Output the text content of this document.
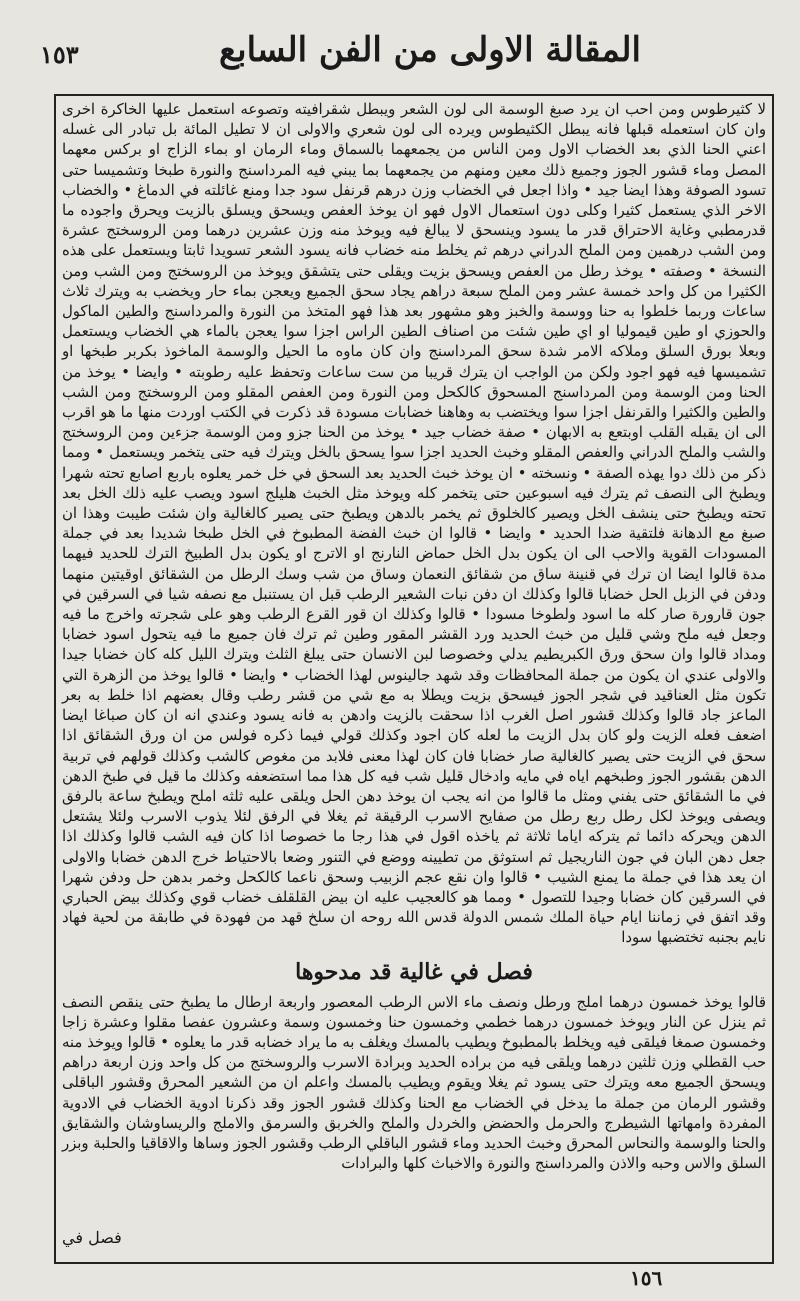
١٥٣	المقالة الاولى من الفن السابع

لا كثيرطوس ومن احب ان يرد صبغ الوسمة الى لون الشعر ويبطل شقرافيته وتصوعه استعمل عليها الخاكرة اخرى وان كان استعمله قبلها فانه يبطل الكثيطوس ويرده الى لون شعري والاولى ان لا تطيل المائة بل تبادر الى غسله اعني الحنا الذي بعد الخضاب الاول ومن الناس من يجمعهما بالسماق وماء الرمان او بماء الزاج او بركس معهما المصل وماء قشور الجوز وجميع ذلك معين ومنهم من يجمعهما بما يبني فيه المرداسنج والنورة طبخا وتشميسا حتى تسود الصوفة وهذا ايضا جيد • واذا اجعل في الخضاب وزن درهم قرنفل سود جدا ومنع غائلته في الدماغ • والخضاب الاخر الذي يستعمل كثيرا وكلى دون استعمال الاول فهو ان يوخذ العفص ويسحق ويسلق بالزيت ويحرق واجوده ما قدرمطبي وغاية الاحتراق قدر ما يسود وينسحق لا يبالغ فيه ويوخذ منه وزن عشرين درهما ومن الروسختج عشرة ومن الشب درهمين ومن الملح الدراني درهم ثم يخلط منه خضاب فانه يسود الشعر تسويدا ثابتا ويستعمل على هذه النسخة • وصفته • يوخذ رطل من العفص ويسحق بزيت ويقلى حتى يتشقق ويوخذ من الروسختج ومن الشب ومن الكثيرا من كل واحد خمسة عشر ومن الملح سبعة دراهم يجاد سحق الجميع ويعجن بماء حار ويخضب به ويترك ثلاث ساعات وربما خلطوا به حنا ووسمة والخبز وهو مشهور بعد هذا فهو المتخذ من النورة والمرداسنج والطين الماكول والحوزي او طين قيموليا او اي طين شئت من اصناف الطين الراس اجزا سوا يعجن بالماء هي الخضاب ويستعمل وبعلا بورق السلق وملاكه الامر شدة سحق المرداسنج وان كان ماوه ما الحيل والوسمة الماخوذ بكربر طبخها او تشميسها فيه فهو اجود ولكن من الواجب ان يترك قريبا من ست ساعات وتحفظ عليه رطوبته • وايضا • يوخذ من الحنا ومن الوسمة ومن المرداسنج المسحوق كالكحل ومن النورة ومن العفص المقلو ومن الروسختج ومن الشب والطين والكثيرا والقرنفل اجزا سوا ويختضب به وهاهنا خضابات مسودة قد ذكرت في الكتب اوردت منها ما هو اقرب الى ان يقبله القلب اوبتعع به الابهان • صفة خضاب جيد • يوخذ من الحنا جزو ومن الوسمة جزءين ومن الروسختج والشب والملح الدراني والعفص المقلو وخبث الحديد اجزا سوا يسحق بالخل ويترك فيه حتى يتخمر ويستعمل • ومما ذكر من ذلك دوا يهذه الصفة • ونسخته • ان يوخذ خبث الحديد بعد السحق في خل خمر يعلوه باربع اصابع تحته شهرا ويطبخ الى النصف ثم يترك فيه اسبوعين حتى يتخمر كله ويوخذ مثل الخبث هليلج اسود ويصب عليه ذلك الخل بعد تحته ويطبخ حتى ينشف الخل ويصير كالخلوق ثم يخمر بالدهن ويطبخ حتى يصير كالغالية وان شئت طيبت وهذا ان صبغ مع الدهانة فلتقية ضدا الحديد • وايضا • قالوا ان خبث الفضة المطبوخ في الخل طبخا شديدا بعد في جملة المسودات القوية والاحب الى ان يكون بدل الخل حماض النارنج او الاترج او يكون بدل الطبيخ الترك للحديد فيهما مدة قالوا ايضا ان ترك في قنينة ساق من شقائق النعمان وساق من شب وسك الرطل من الشقائق اوقيتين منهما ودفن في الزبل الحل خضابا قالوا وكذلك ان دفن نبات الشعير الرطب قبل ان يستنبل مع نصفه شيا في السرقين في جون قارورة صار كله ما اسود ولطوخا مسودا • قالوا وكذلك ان قور القرع الرطب وهو على شجرته واخرج ما فيه وجعل فيه ملح وشي قليل من خبث الحديد ورد القشر المقور وطين ثم ترك فان جميع ما فيه يتحول اسود خضابا ومداد قالوا وان سحق ورق الكبريطيم يدلي وخصوصا لبن الانسان حتى يبلغ الثلث ويترك الليل كله كان خضابا جيدا والاولى عندي ان يكون من جملة المحافظات وقد شهد جالينوس لهذا الخضاب • وايضا • قالوا يوخذ من الزهرة التي تكون مثل العناقيد في شجر الجوز فيسحق بزيت ويطلا به مع شي من قشر رطب وقال بعضهم اذا خلط به بعر الماعز جاد قالوا وكذلك قشور اصل الغرب اذا سحقت بالزيت وادهن به فانه يسود وعندي انه ان كان صباغا ايضا اضعف فعله الزيت ولو كان بدل الزيت ما لعله كان اجود وكذلك قولي فيما ذكره فولس من ان ورق الشقائق اذا سحق في الزيت حتى يصير كالغالية صار خضابا فان كان لهذا معنى فلابد من مغوص كالشب وكذلك قولهم في تربية الدهن بقشور الجوز وطبخهم اياه في مايه وادخال قليل شب فيه كل هذا مما استضعفه وكذلك ما قيل في طبخ الدهن في ما الشقائق حتى يفني ومثل ما قالوا من انه يجب ان يوخذ دهن الحل ويلقى عليه ثلثه املح ويطبخ ساعة بالرفق ويصفى ويوخذ لكل رطل ربع رطل من صفايح الاسرب الرقيقة ثم يغلا في الرفق لئلا يذوب الاسرب ولئلا يشتعل الدهن ويحركه دائما ثم يتركه اياما ثلاثة ثم ياخذه اقول في هذا رجا ما خصوصا اذا كان فيه الشب قالوا وكذلك اذا جعل دهن البان في جون الناريجيل ثم استوثق من تطيينه ووضع في التنور وضعا بالاحتياط خرج الدهن خضابا والاولى ان يعد هذا في جملة ما يمنع الشيب • قالوا وان نقع عجم الزبيب وسحق ناعما كالكحل وخمر بدهن حل ودفن شهرا في السرقين كان خضابا وجيدا للتصول • ومما هو كالعجيب عليه ان بيض القلقلف خضاب قوي وكذلك بيض الحباري وقد اتفق في زماننا ايام حياة الملك شمس الدولة قدس الله روحه ان سلخ قهد من فهودة في طابقة من لحية فهاد نايم بجنبه تختضبها سودا

فصل في غالية قد مدحوها

قالوا يوخذ خمسون درهما املج ورطل ونصف ماء الاس الرطب المعصور واربعة ارطال ما يطبخ حتى ينقص النصف ثم ينزل عن النار ويوخذ خمسون درهما خطمي وخمسون حنا وخمسون وسمة وعشرون عفصا مقلوا وعشرة زاجا وخمسون صمغا فيلقى فيه ويخلط بالمطبوخ ويطيب بالمسك ويغلف به ما يراد خضابه قدر ما يعلوه • قالوا ويوخذ منه حب القطلي وزن ثلثين درهما ويلقى فيه من براده الحديد وبرادة الاسرب والروسختج من كل واحد وزن اربعة دراهم ويسحق الجميع معه ويترك حتى يسود ثم يغلا ويقوم ويطيب بالمسك واعلم ان من الشعير المحرق وقشور الباقلى وقشور الرمان من جملة ما يدخل في الخضاب مع الحنا وكذلك قشور الجوز وقد ذكرنا ادوية الخضاب في الادوية المفردة وامهاتها الشيطرج والحرمل والحضض والخردل والملح والخربق والسرمق والاملج والريساوشان والشقايق والحنا والوسمة والنحاس المحرق وخبث الحديد وماء قشور الباقلي الرطب وقشور الجوز وساها والاقاقيا والحلبة وبزر السلق والاس وحبه والاذن والمرداسنج والنورة والاخباث كلها والبرادات

فصل في
١٥٦
